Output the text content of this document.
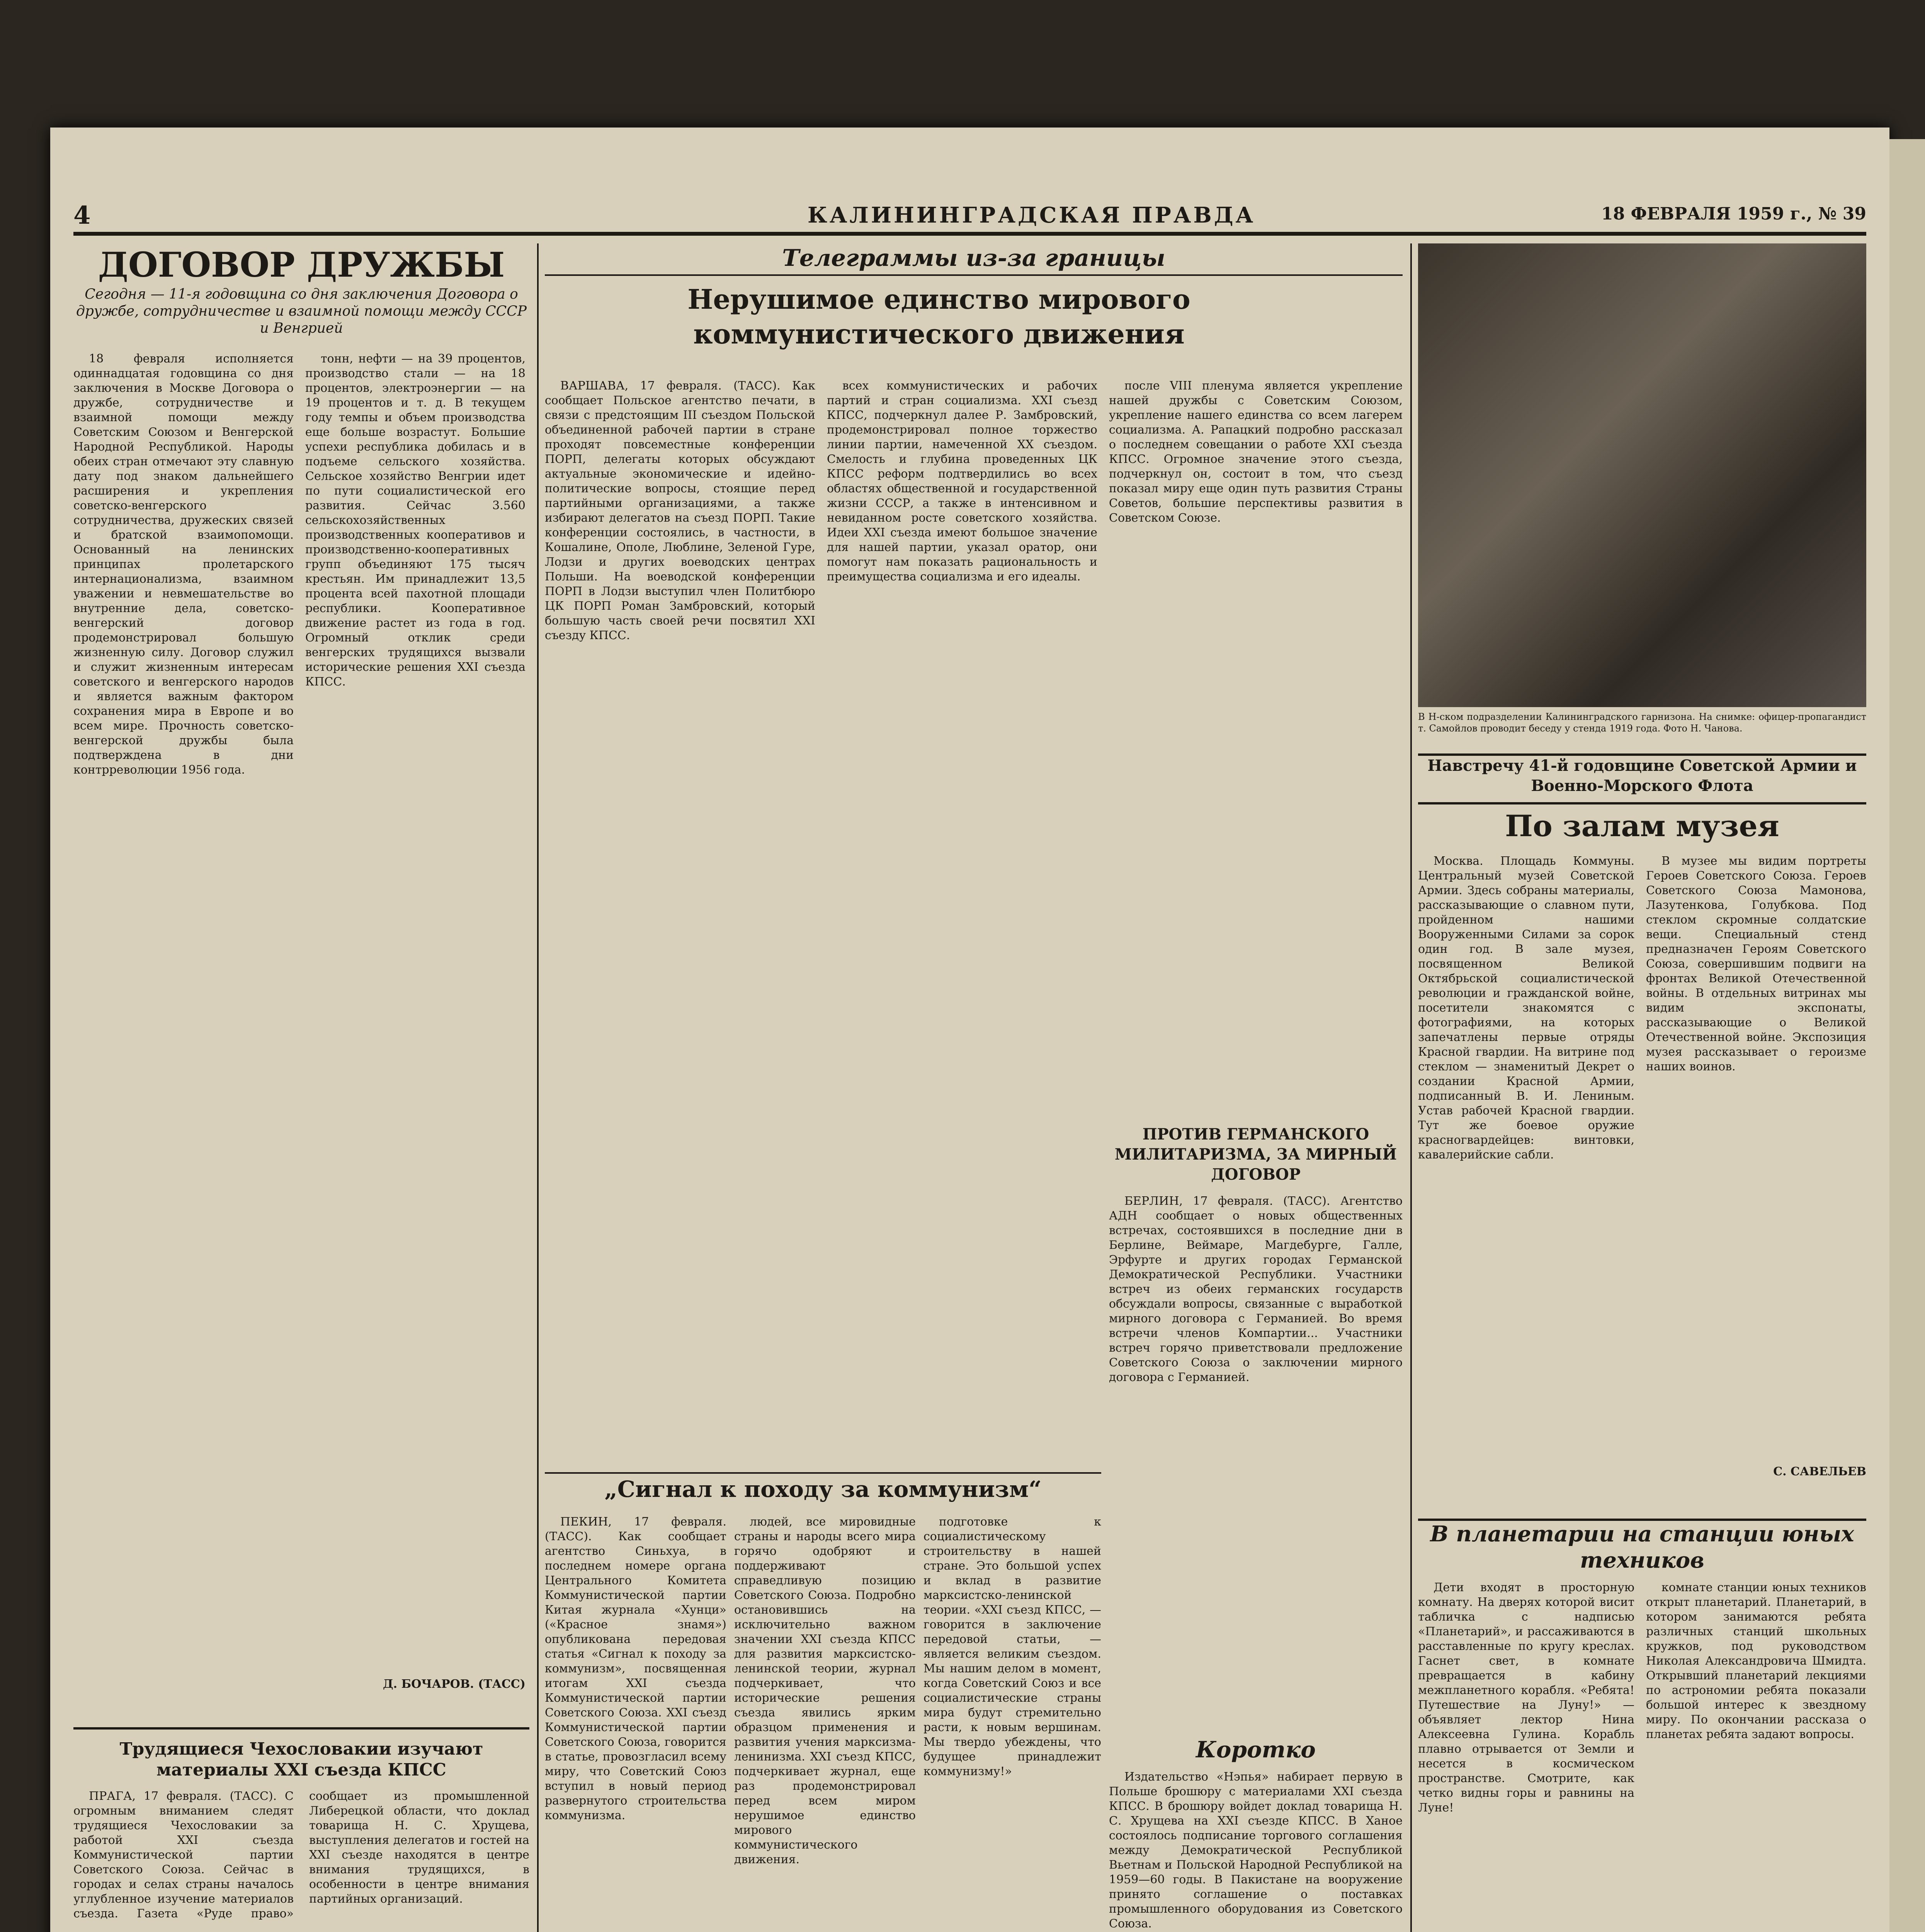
4	КАЛИНИНГРАДСКАЯ ПРАВДА	18 ФЕВРАЛЯ 1959 г., № 39
ДОГОВОР ДРУЖБЫ
Сегодня — 11-я годовщина со дня заключения Договора о дружбе, сотрудничестве и взаимной помощи между СССР и Венгрией

18 февраля исполняется одиннадцатая годовщина со дня заключения в Москве Договора о дружбе, сотрудничестве и взаимной помощи между Советским Союзом и Венгерской Народной Республикой. Народы обеих стран отмечают эту славную дату под знаком дальнейшего расширения и укрепления советско-венгерского сотрудничества, дружеских связей и братской взаимопомощи. Основанный на ленинских принципах пролетарского интернационализма, взаимном уважении и невмешательстве во внутренние дела, советско-венгерский договор продемонстрировал большую жизненную силу. Договор служил и служит жизненным интересам советского и венгерского народов и является важным фактором сохранения мира в Европе и во всем мире. Прочность советско-венгерской дружбы была подтверждена в дни контрреволюции 1956 года.

тонн, нефти — на 39 процентов, производство стали — на 18 процентов, электроэнергии — на 19 процентов и т. д. В текущем году темпы и объем производства еще больше возрастут. Большие успехи республика добилась и в подъеме сельского хозяйства. Сельское хозяйство Венгрии идет по пути социалистической его развития. Сейчас 3.560 сельскохозяйственных производственных кооперативов и производственно-кооперативных групп объединяют 175 тысяч крестьян. Им принадлежит 13,5 процента всей пахотной площади республики. Кооперативное движение растет из года в год. Огромный отклик среди венгерских трудящихся вызвали исторические решения XXI съезда КПСС.

Д. БОЧАРОВ. (ТАСС)
Трудящиеся Чехословакии изучают материалы XXI съезда КПСС

ПРАГА, 17 февраля. (ТАСС). С огромным вниманием следят трудящиеся Чехословакии за работой XXI съезда Коммунистической партии Советского Союза. Сейчас в городах и селах страны началось углубленное изучение материалов съезда. Газета «Руде право» сообщает из промышленной Либерецкой области, что доклад товарища Н. С. Хрущева, выступления делегатов и гостей на XXI съезде находятся в центре внимания трудящихся, в особенности в центре внимания партийных организаций.

Телеграммы из-за границы
Нерушимое единство мирового коммунистического движения

ВАРШАВА, 17 февраля. (ТАСС). Как сообщает Польское агентство печати, в связи с предстоящим III съездом Польской объединенной рабочей партии в стране проходят повсеместные конференции ПОРП, делегаты которых обсуждают актуальные экономические и идейно-политические вопросы, стоящие перед партийными организациями, а также избирают делегатов на съезд ПОРП. Такие конференции состоялись, в частности, в Кошалине, Ополе, Люблине, Зеленой Гуре, Лодзи и других воеводских центрах Польши. На воеводской конференции ПОРП в Лодзи выступил член Политбюро ЦК ПОРП Роман Замбровский, который большую часть своей речи посвятил XXI съезду КПСС.

всех коммунистических и рабочих партий и стран социализма. XXI съезд КПСС, подчеркнул далее Р. Замбровский, продемонстрировал полное торжество линии партии, намеченной XX съездом. Смелость и глубина проведенных ЦК КПСС реформ подтвердились во всех областях общественной и государственной жизни СССР, а также в интенсивном и невиданном росте советского хозяйства. Идеи XXI съезда имеют большое значение для нашей партии, указал оратор, они помогут нам показать рациональность и преимущества социализма и его идеалы.

после VIII пленума является укрепление нашей дружбы с Советским Союзом, укрепление нашего единства со всем лагерем социализма. А. Рапацкий подробно рассказал о последнем совещании о работе XXI съезда КПСС. Огромное значение этого съезда, подчеркнул он, состоит в том, что съезд показал миру еще один путь развития Страны Советов, большие перспективы развития в Советском Союзе.

ПРОТИВ ГЕРМАНСКОГО МИЛИТАРИЗМА, ЗА МИРНЫЙ ДОГОВОР

БЕРЛИН, 17 февраля. (ТАСС). Агентство АДН сообщает о новых общественных встречах, состоявшихся в последние дни в Берлине, Веймаре, Магдебурге, Галле, Эрфурте и других городах Германской Демократической Республики. Участники встреч из обеих германских государств обсуждали вопросы, связанные с выработкой мирного договора с Германией. Во время встречи членов Компартии... Участники встреч горячо приветствовали предложение Советского Союза о заключении мирного договора с Германией.

„Сигнал к походу за коммунизм“

ПЕКИН, 17 февраля. (ТАСС). Как сообщает агентство Синьхуа, в последнем номере органа Центрального Комитета Коммунистической партии Китая журнала «Хунци» («Красное знамя») опубликована передовая статья «Сигнал к походу за коммунизм», посвященная итогам XXI съезда Коммунистической партии Советского Союза. XXI съезд Коммунистической партии Советского Союза, говорится в статье, провозгласил всему миру, что Советский Союз вступил в новый период развернутого строительства коммунизма.

людей, все мировидные страны и народы всего мира горячо одобряют и поддерживают справедливую позицию Советского Союза. Подробно остановившись на исключительно важном значении XXI съезда КПСС для развития марксистско-ленинской теории, журнал подчеркивает, что исторические решения съезда явились ярким образцом применения и развития учения марксизма-ленинизма. XXI съезд КПСС, подчеркивает журнал, еще раз продемонстрировал перед всем миром нерушимое единство мирового коммунистического движения.

подготовке к социалистическому строительству в нашей стране. Это большой успех и вклад в развитие марксистско-ленинской теории. «XXI съезд КПСС, — говорится в заключение передовой статьи, — является великим съездом. Мы нашим делом в момент, когда Советский Союз и все социалистические страны мира будут стремительно расти, к новым вершинам. Мы твердо убеждены, что будущее принадлежит коммунизму!»

Коротко

Издательство «Нэпья» набирает первую в Польше брошюру с материалами XXI съезда КПСС. В брошюру войдет доклад товарища Н. С. Хрущева на XXI съезде КПСС. В Ханое состоялось подписание торгового соглашения между Демократической Республикой Вьетнам и Польской Народной Республикой на 1959—60 годы. В Пакистане на вооружение принято соглашение о поставках промышленного оборудования из Советского Союза.

В Н-ском подразделении Калининградского гарнизона. На снимке: офицер-пропагандист т. Самойлов проводит беседу у стенда 1919 года. Фото Н. Чанова.
Навстречу 41-й годовщине Советской Армии и Военно-Морского Флота
По залам музея

Москва. Площадь Коммуны. Центральный музей Советской Армии. Здесь собраны материалы, рассказывающие о славном пути, пройденном нашими Вооруженными Силами за сорок один год. В зале музея, посвященном Великой Октябрьской социалистической революции и гражданской войне, посетители знакомятся с фотографиями, на которых запечатлены первые отряды Красной гвардии. На витрине под стеклом — знаменитый Декрет о создании Красной Армии, подписанный В. И. Лениным. Устав рабочей Красной гвардии. Тут же боевое оружие красногвардейцев: винтовки, кавалерийские сабли.

В музее мы видим портреты Героев Советского Союза. Героев Советского Союза Мамонова, Лазутенкова, Голубкова. Под стеклом скромные солдатские вещи. Специальный стенд предназначен Героям Советского Союза, совершившим подвиги на фронтах Великой Отечественной войны. В отдельных витринах мы видим экспонаты, рассказывающие о Великой Отечественной войне. Экспозиция музея рассказывает о героизме наших воинов.

С. САВЕЛЬЕВ
В планетарии на станции юных техников

Дети входят в просторную комнату. На дверях которой висит табличка с надписью «Планетарий», и рассаживаются в расставленные по кругу креслах. Гаснет свет, в комнате превращается в кабину межпланетного корабля. «Ребята! Путешествие на Луну!» — объявляет лектор Нина Алексеевна Гулина. Корабль плавно отрывается от Земли и несется в космическом пространстве. Смотрите, как четко видны горы и равнины на Луне!

комнате станции юных техников открыт планетарий. Планетарий, в котором занимаются ребята различных станций школьных кружков, под руководством Николая Александровича Шмидта. Открывший планетарий лекциями по астрономии ребята показали большой интерес к звездному миру. По окончании рассказа о планетах ребята задают вопросы.
